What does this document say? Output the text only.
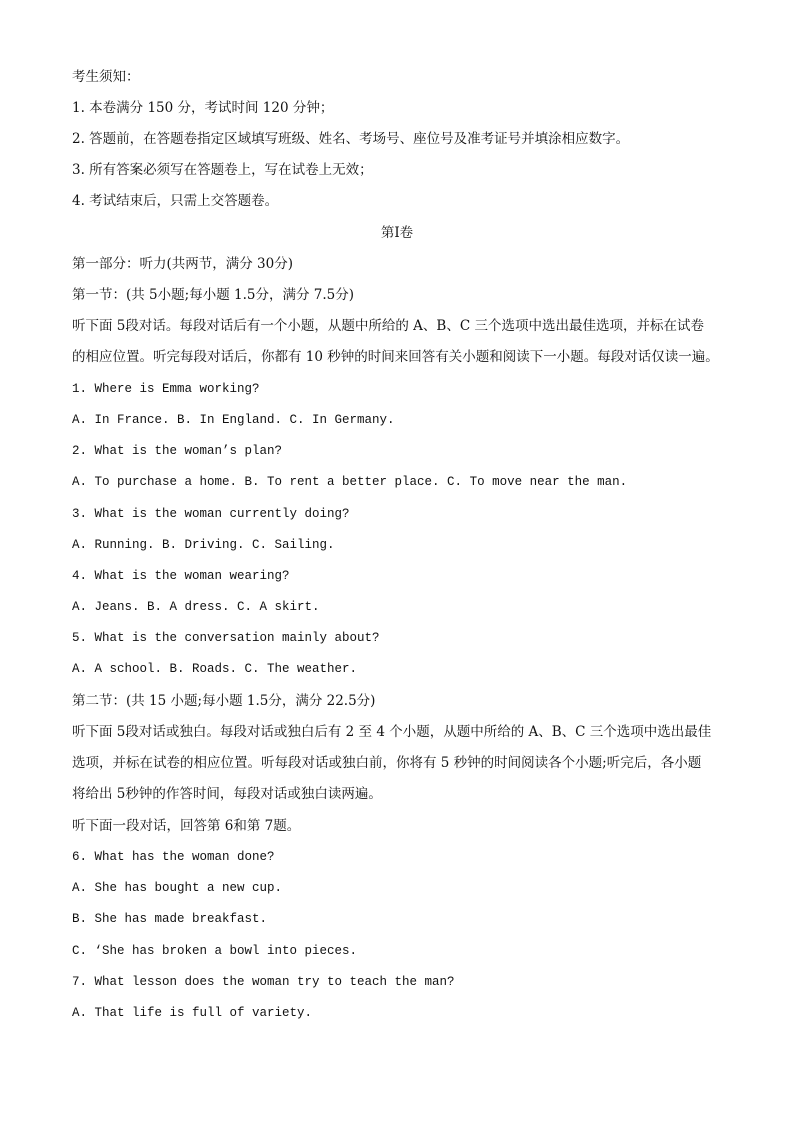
考生须知：
1. 本卷满分 150 分，考试时间 120 分钟；
2. 答题前，在答题卷指定区域填写班级、姓名、考场号、座位号及准考证号并填涂相应数字。
3. 所有答案必须写在答题卷上，写在试卷上无效；
4. 考试结束后，只需上交答题卷。
第Ⅰ卷
第一部分：听力(共两节，满分 30分)
第一节：(共 5小题;每小题 1.5分，满分 7.5分)
听下面 5段对话。每段对话后有一个小题，从题中所给的 A、B、C 三个选项中选出最佳选项，并标在试卷
的相应位置。听完每段对话后，你都有 10 秒钟的时间来回答有关小题和阅读下一小题。每段对话仅读一遍。
1. Where is Emma working?
A. In France. B. In England. C. In Germany.
2. What is the woman’s plan?
A. To purchase a home. B. To rent a better place. C. To move near the man.
3. What is the woman currently doing?
A. Running. B. Driving. C. Sailing.
4. What is the woman wearing?
A. Jeans. B. A dress. C. A skirt.
5. What is the conversation mainly about?
A. A school. B. Roads. C. The weather.
第二节：(共 15 小题;每小题 1.5分，满分 22.5分)
听下面 5段对话或独白。每段对话或独白后有 2 至 4 个小题，从题中所给的 A、B、C 三个选项中选出最佳
选项，并标在试卷的相应位置。听每段对话或独白前，你将有 5 秒钟的时间阅读各个小题;听完后，各小题
将给出 5秒钟的作答时间，每段对话或独白读两遍。
听下面一段对话，回答第 6和第 7题。
6. What has the woman done?
A. She has bought a new cup.
B. She has made breakfast.
C. ‘She has broken a bowl into pieces.
7. What lesson does the woman try to teach the man?
A. That life is full of variety.
